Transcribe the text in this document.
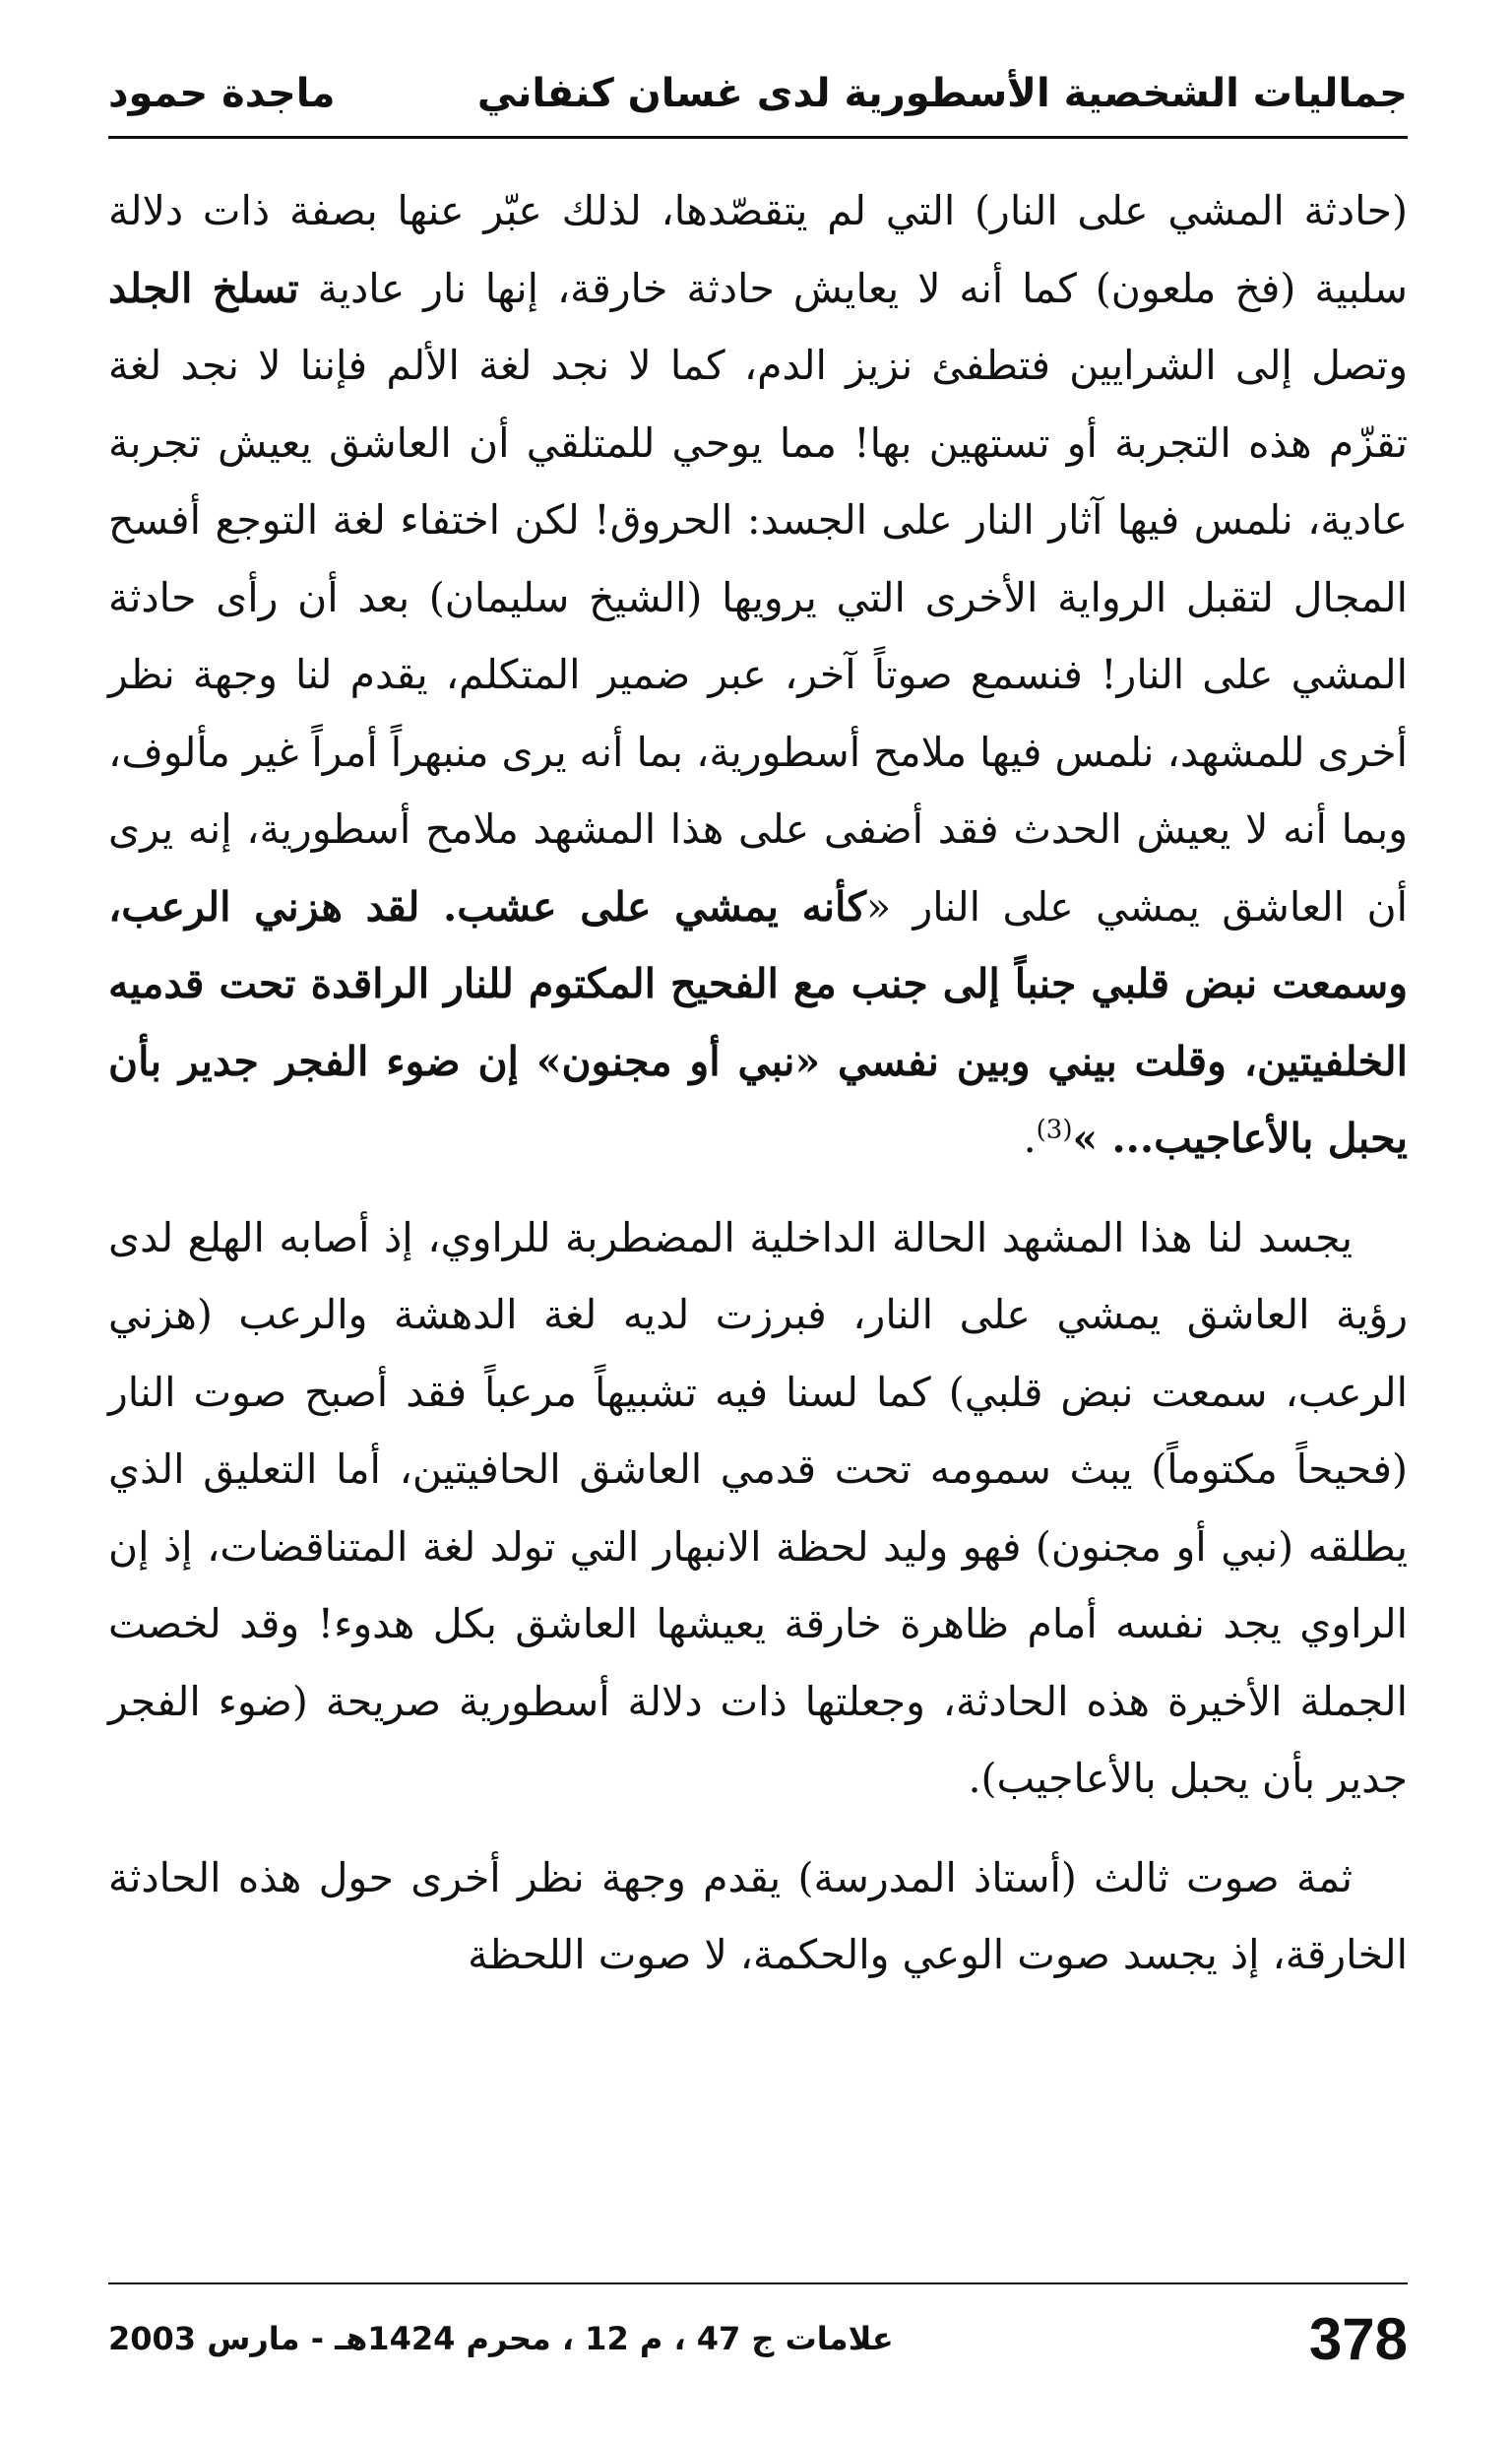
جماليات الشخصية الأسطورية لدى غسان كنفاني
ماجدة حمود

(حادثة المشي على النار) التي لم يتقصّدها، لذلك عبّر عنها بصفة ذات دلالة سلبية (فخ ملعون) كما أنه لا يعايش حادثة خارقة، إنها نار عادية تسلخ الجلد وتصل إلى الشرايين فتطفئ نزيز الدم، كما لا نجد لغة الألم فإننا لا نجد لغة تقزّم هذه التجربة أو تستهين بها! مما يوحي للمتلقي أن العاشق يعيش تجربة عادية، نلمس فيها آثار النار على الجسد: الحروق! لكن اختفاء لغة التوجع أفسح المجال لتقبل الرواية الأخرى التي يرويها (الشيخ سليمان) بعد أن رأى حادثة المشي على النار! فنسمع صوتاً آخر، عبر ضمير المتكلم، يقدم لنا وجهة نظر أخرى للمشهد، نلمس فيها ملامح أسطورية، بما أنه يرى منبهراً أمراً غير مألوف، وبما أنه لا يعيش الحدث فقد أضفى على هذا المشهد ملامح أسطورية، إنه يرى أن العاشق يمشي على النار «كأنه يمشي على عشب. لقد هزني الرعب، وسمعت نبض قلبي جنباً إلى جنب مع الفحيح المكتوم للنار الراقدة تحت قدميه الخلفيتين، وقلت بيني وبين نفسي «نبي أو مجنون» إن ضوء الفجر جدير بأن يحبل بالأعاجيب... »$^{(3)}$.

يجسد لنا هذا المشهد الحالة الداخلية المضطربة للراوي، إذ أصابه الهلع لدى رؤية العاشق يمشي على النار، فبرزت لديه لغة الدهشة والرعب (هزني الرعب، سمعت نبض قلبي) كما لسنا فيه تشبيهاً مرعباً فقد أصبح صوت النار (فحيحاً مكتوماً) يبث سمومه تحت قدمي العاشق الحافيتين، أما التعليق الذي يطلقه (نبي أو مجنون) فهو وليد لحظة الانبهار التي تولد لغة المتناقضات، إذ إن الراوي يجد نفسه أمام ظاهرة خارقة يعيشها العاشق بكل هدوء! وقد لخصت الجملة الأخيرة هذه الحادثة، وجعلتها ذات دلالة أسطورية صريحة (ضوء الفجر جدير بأن يحبل بالأعاجيب).

ثمة صوت ثالث (أستاذ المدرسة) يقدم وجهة نظر أخرى حول هذه الحادثة الخارقة، إذ يجسد صوت الوعي والحكمة، لا صوت اللحظة

378
علامات ج 47 ، م 12 ، محرم 1424هـ - مارس 2003
